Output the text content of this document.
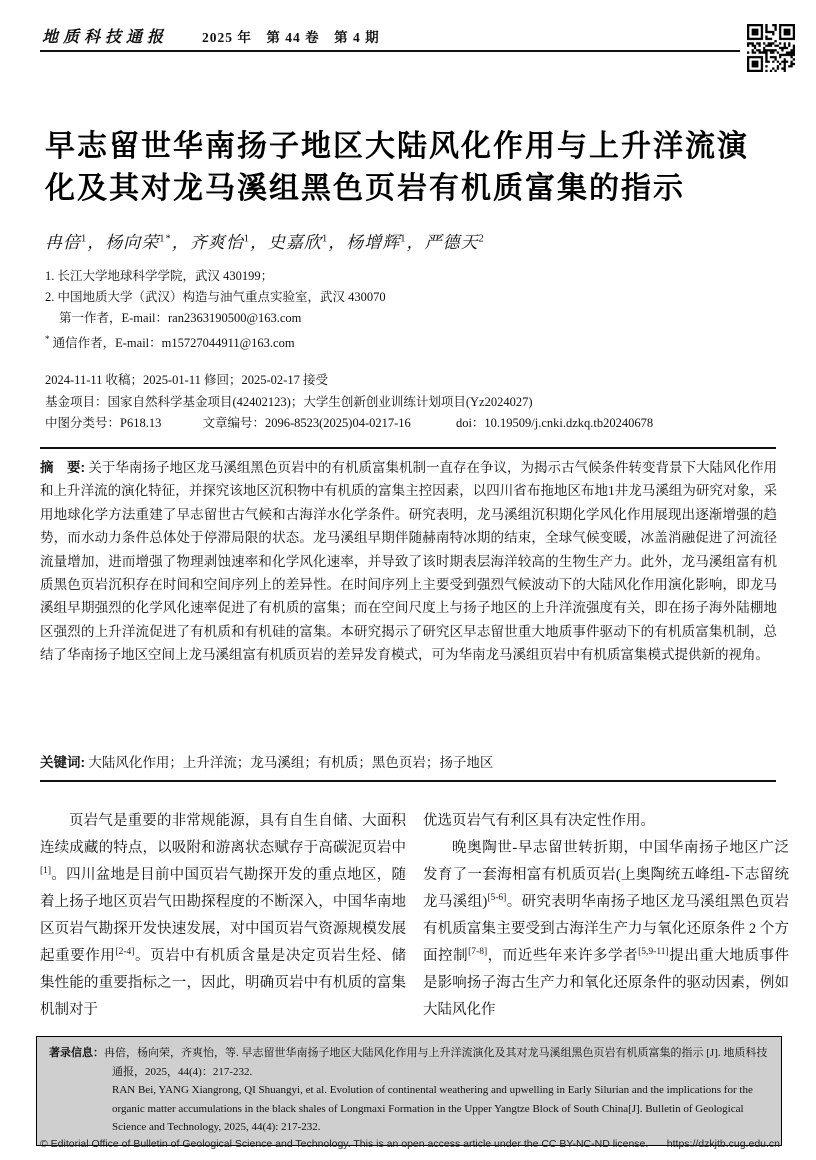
地质科技通报	2025 年　第 44 卷　第 4 期
早志留世华南扬子地区大陆风化作用与上升洋流演
化及其对龙马溪组黑色页岩有机质富集的指示
冉倍$^1$，杨向荣$^{1*}$，齐爽怡$^1$，史嘉欣$^1$，杨增辉$^1$，严德天$^2$
1. 长江大学地球科学学院，武汉 430199；
2. 中国地质大学（武汉）构造与油气重点实验室，武汉 430070
第一作者，E-mail：ran2363190500@163.com
* 通信作者，E-mail：m15727044911@163.com
2024-11-11 收稿；2025-01-11 修回；2025-02-17 接受
基金项目：国家自然科学基金项目(42402123)；大学生创新创业训练计划项目(Yz2024027)
中图分类号：P618.13	文章编号：2096-8523(2025)04-0217-16	doi：10.19509/j.cnki.dzkq.tb20240678
摘　要: 关于华南扬子地区龙马溪组黑色页岩中的有机质富集机制一直存在争议，为揭示古气候条件转变背景下大陆风化作用和上升洋流的演化特征，并探究该地区沉积物中有机质的富集主控因素，以四川省布拖地区布地1井龙马溪组为研究对象，采用地球化学方法重建了早志留世古气候和古海洋水化学条件。研究表明，龙马溪组沉积期化学风化作用展现出逐渐增强的趋势，而水动力条件总体处于停滞局限的状态。龙马溪组早期伴随赫南特冰期的结束，全球气候变暖，冰盖消融促进了河流径流量增加，进而增强了物理剥蚀速率和化学风化速率，并导致了该时期表层海洋较高的生物生产力。此外，龙马溪组富有机质黑色页岩沉积存在时间和空间序列上的差异性。在时间序列上主要受到强烈气候波动下的大陆风化作用演化影响，即龙马溪组早期强烈的化学风化速率促进了有机质的富集；而在空间尺度上与扬子地区的上升洋流强度有关，即在扬子海外陆棚地区强烈的上升洋流促进了有机质和有机硅的富集。本研究揭示了研究区早志留世重大地质事件驱动下的有机质富集机制，总结了华南扬子地区空间上龙马溪组富有机质页岩的差异发育模式，可为华南龙马溪组页岩中有机质富集模式提供新的视角。
关键词: 大陆风化作用；上升洋流；龙马溪组；有机质；黑色页岩；扬子地区

页岩气是重要的非常规能源，具有自生自储、大面积连续成藏的特点，以吸附和游离状态赋存于高碳泥页岩中[1]。四川盆地是目前中国页岩气勘探开发的重点地区，随着上扬子地区页岩气田勘探程度的不断深入，中国华南地区页岩气勘探开发快速发展，对中国页岩气资源规模发展起重要作用[2-4]。页岩中有机质含量是决定页岩生烃、储集性能的重要指标之一，因此，明确页岩中有机质的富集机制对于

优选页岩气有利区具有决定性作用。

晚奥陶世-早志留世转折期，中国华南扬子地区广泛发育了一套海相富有机质页岩(上奥陶统五峰组-下志留统龙马溪组)[5-6]。研究表明华南扬子地区龙马溪组黑色页岩有机质富集主要受到古海洋生产力与氧化还原条件 2 个方面控制[7-8]，而近些年来许多学者[5,9-11]提出重大地质事件是影响扬子海古生产力和氧化还原条件的驱动因素，例如大陆风化作

著录信息：冉倍，杨向荣，齐爽怡，等. 早志留世华南扬子地区大陆风化作用与上升洋流演化及其对龙马溪组黑色页岩有机质富集的指示 [J]. 地质科技通报，2025，44(4)：217-232.
RAN Bei, YANG Xiangrong, QI Shuangyi, et al. Evolution of continental weathering and upwelling in Early Silurian and the implications for the organic matter accumulations in the black shales of Longmaxi Formation in the Upper Yangtze Block of South China[J]. Bulletin of Geological Science and Technology, 2025, 44(4): 217-232.
© Editorial Office of Bulletin of Geological Science and Technology. This is an open access article under the CC BY-NC-ND license. https://dzkjtb.cug.edu.cn
